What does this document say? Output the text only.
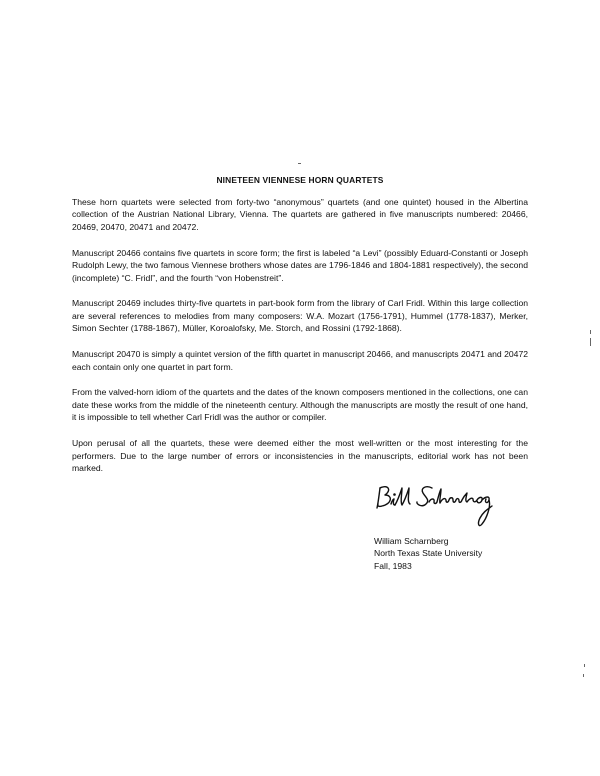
NINETEEN VIENNESE HORN QUARTETS

These horn quartets were selected from forty-two “anonymous” quartets (and one quintet) housed in the Albertina collection of the Austrian National Library, Vienna. The quartets are gathered in five manuscripts numbered: 20466, 20469, 20470, 20471 and 20472.

Manuscript 20466 contains five quartets in score form; the first is labeled “a Levi” (possibly Eduard-Constanti or Joseph Rudolph Lewy, the two famous Viennese brothers whose dates are 1796-1846 and 1804-1881 respectively), the second (incomplete) “C. Fridl”, and the fourth “von Hobenstreit”.

Manuscript 20469 includes thirty-five quartets in part-book form from the library of Carl Fridl. Within this large collection are several references to melodies from many composers: W.A. Mozart (1756-1791), Hummel (1778-1837), Merker, Simon Sechter (1788-1867), Müller, Koroalofsky, Me. Storch, and Rossini (1792-1868).

Manuscript 20470 is simply a quintet version of the fifth quartet in manuscript 20466, and manuscripts 20471 and 20472 each contain only one quartet in part form.

From the valved-horn idiom of the quartets and the dates of the known composers mentioned in the collections, one can date these works from the middle of the nineteenth century. Although the manuscripts are mostly the result of one hand, it is impossible to tell whether Carl Fridl was the author or compiler.

Upon perusal of all the quartets, these were deemed either the most well-written or the most interesting for the performers. Due to the large number of errors or inconsistencies in the manuscripts, editorial work has not been marked.

William Scharnberg

North Texas State University

Fall, 1983
